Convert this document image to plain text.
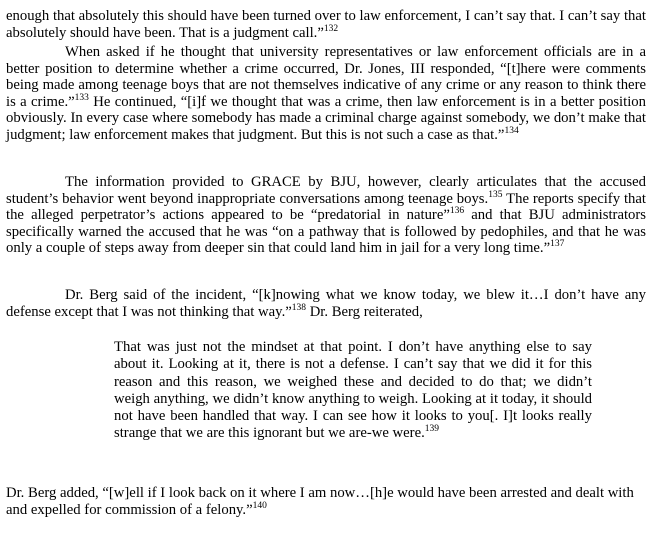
enough that absolutely this should have been turned over to law enforcement, I can’t say that. I can’t say that absolutely should have been. That is a judgment call.”$^{132}$

When asked if he thought that university representatives or law enforcement officials are in a better position to determine whether a crime occurred, Dr. Jones, III responded, “[t]here were comments being made among teenage boys that are not themselves indicative of any crime or any reason to think there is a crime.”$^{133}$ He continued, “[i]f we thought that was a crime, then law enforcement is in a better position obviously. In every case where somebody has made a criminal charge against somebody, we don’t make that judgment; law enforcement makes that judgment. But this is not such a case as that.”$^{134}$

The information provided to GRACE by BJU, however, clearly articulates that the accused student’s behavior went beyond inappropriate conversations among teenage boys.$^{135}$ The reports specify that the alleged perpetrator’s actions appeared to be “predatorial in nature”$^{136}$ and that BJU administrators specifically warned the accused that he was “on a pathway that is followed by pedophiles, and that he was only a couple of steps away from deeper sin that could land him in jail for a very long time.”$^{137}$

Dr. Berg said of the incident, “[k]nowing what we know today, we blew it…I don’t have any defense except that I was not thinking that way.”$^{138}$ Dr. Berg reiterated,

That was just not the mindset at that point. I don’t have anything else to say about it. Looking at it, there is not a defense. I can’t say that we did it for this reason and this reason, we weighed these and decided to do that; we didn’t weigh anything, we didn’t know anything to weigh. Looking at it today, it should not have been handled that way. I can see how it looks to you[. I]t looks really strange that we are this ignorant but we are-we were.$^{139}$

Dr. Berg added, “[w]ell if I look back on it where I am now…[h]e would have been arrested and dealt with and expelled for commission of a felony.”$^{140}$
